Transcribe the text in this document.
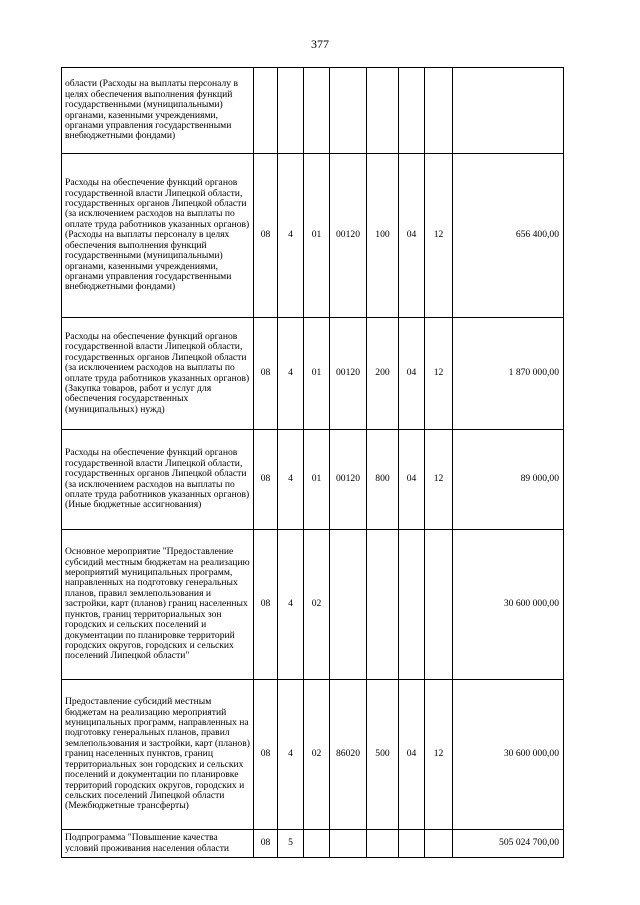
377
области (Расходы на выплаты персоналу в целях обеспечения выполнения функций государственными (муниципальными) органами, казенными учреждениями, органами управления государственными внебюджетными фондами)								
Расходы на обеспечение функций органов государственной власти Липецкой области, государственных органов Липецкой области (за исключением расходов на выплаты по оплате труда работников указанных органов) (Расходы на выплаты персоналу в целях обеспечения выполнения функций государственными (муниципальными) органами, казенными учреждениями, органами управления государственными внебюджетными фондами)	08	4	01	00120	100	04	12	656 400,00
Расходы на обеспечение функций органов государственной власти Липецкой области, государственных органов Липецкой области (за исключением расходов на выплаты по оплате труда работников указанных органов) (Закупка товаров, работ и услуг для обеспечения государственных (муниципальных) нужд)	08	4	01	00120	200	04	12	1 870 000,00
Расходы на обеспечение функций органов государственной власти Липецкой области, государственных органов Липецкой области (за исключением расходов на выплаты по оплате труда работников указанных органов) (Иные бюджетные ассигнования)	08	4	01	00120	800	04	12	89 000,00
Основное мероприятие "Предоставление субсидий местным бюджетам на реализацию мероприятий муниципальных программ, направленных на подготовку генеральных планов, правил землепользования и застройки, карт (планов) границ населенных пунктов, границ территориальных зон городских и сельских поселений и документации по планировке территорий городских округов, городских и сельских поселений Липецкой области"	08	4	02					30 600 000,00
Предоставление субсидий местным бюджетам на реализацию мероприятий муниципальных программ, направленных на подготовку генеральных планов, правил землепользования и застройки, карт (планов) границ населенных пунктов, границ территориальных зон городских и сельских поселений и документации по планировке территорий городских округов, городских и сельских поселений Липецкой области (Межбюджетные трансферты)	08	4	02	86020	500	04	12	30 600 000,00
Подпрограмма "Повышение качества условий проживания населения области	08	5						505 024 700,00
